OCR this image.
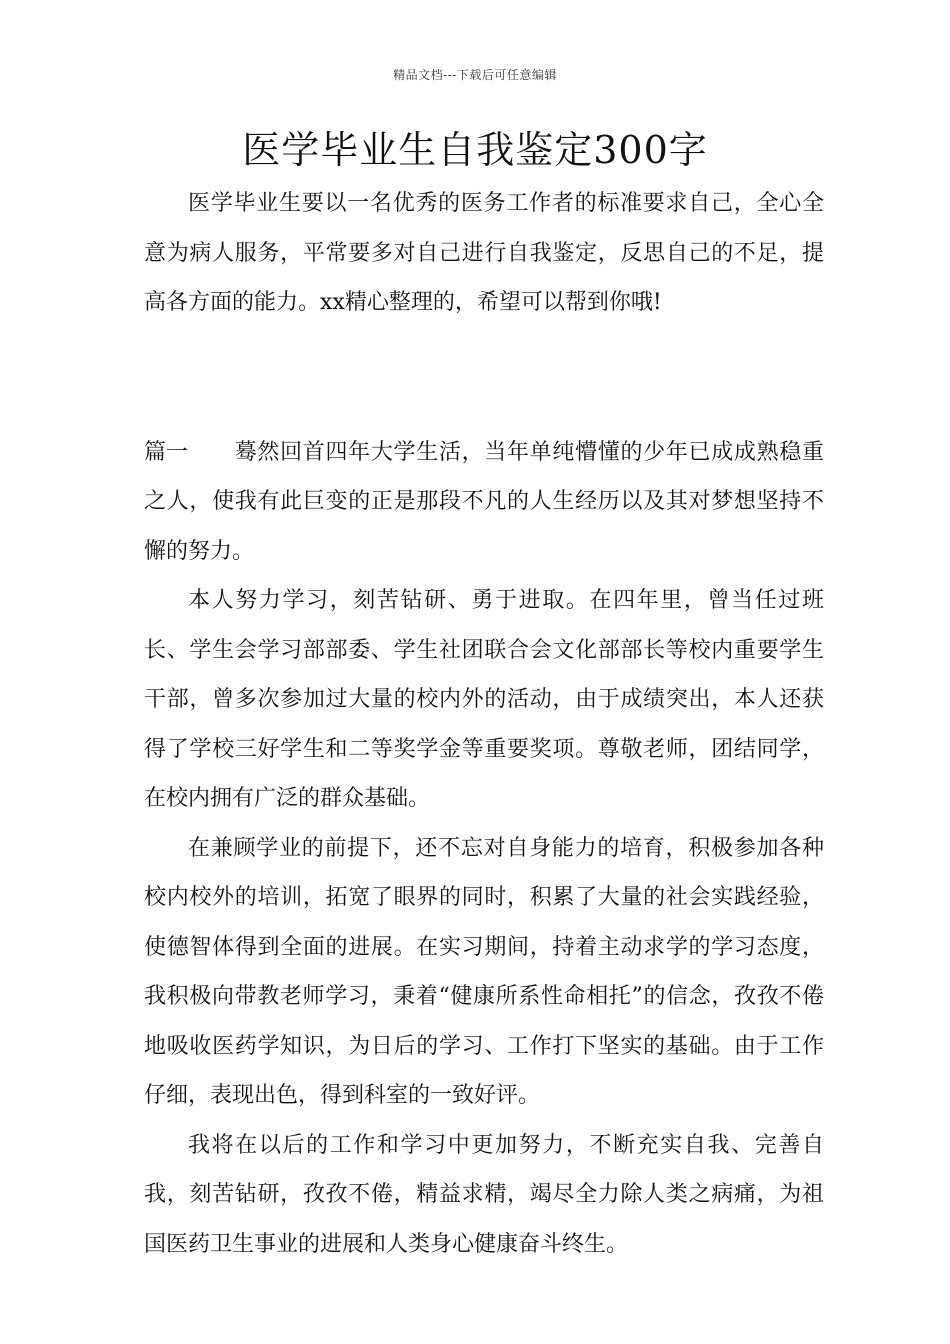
精品文档---下载后可任意编辑
医学毕业生自我鉴定300字

医学毕业生要以一名优秀的医务工作者的标准要求自己，全心全意为病人服务，平常要多对自己进行自我鉴定，反思自己的不足，提高各方面的能力。xx精心整理的，希望可以帮到你哦!

篇一 蓦然回首四年大学生活，当年单纯懵懂的少年已成成熟稳重之人，使我有此巨变的正是那段不凡的人生经历以及其对梦想坚持不懈的努力。

本人努力学习，刻苦钻研、勇于进取。在四年里，曾当任过班长、学生会学习部部委、学生社团联合会文化部部长等校内重要学生干部，曾多次参加过大量的校内外的活动，由于成绩突出，本人还获得了学校三好学生和二等奖学金等重要奖项。尊敬老师，团结同学，在校内拥有广泛的群众基础。

在兼顾学业的前提下，还不忘对自身能力的培育，积极参加各种校内校外的培训，拓宽了眼界的同时，积累了大量的社会实践经验，使德智体得到全面的进展。在实习期间，持着主动求学的学习态度，我积极向带教老师学习，秉着“健康所系性命相托”的信念，孜孜不倦地吸收医药学知识，为日后的学习、工作打下坚实的基础。由于工作仔细，表现出色，得到科室的一致好评。

我将在以后的工作和学习中更加努力，不断充实自我、完善自我，刻苦钻研，孜孜不倦，精益求精，竭尽全力除人类之病痛，为祖国医药卫生事业的进展和人类身心健康奋斗终生。
